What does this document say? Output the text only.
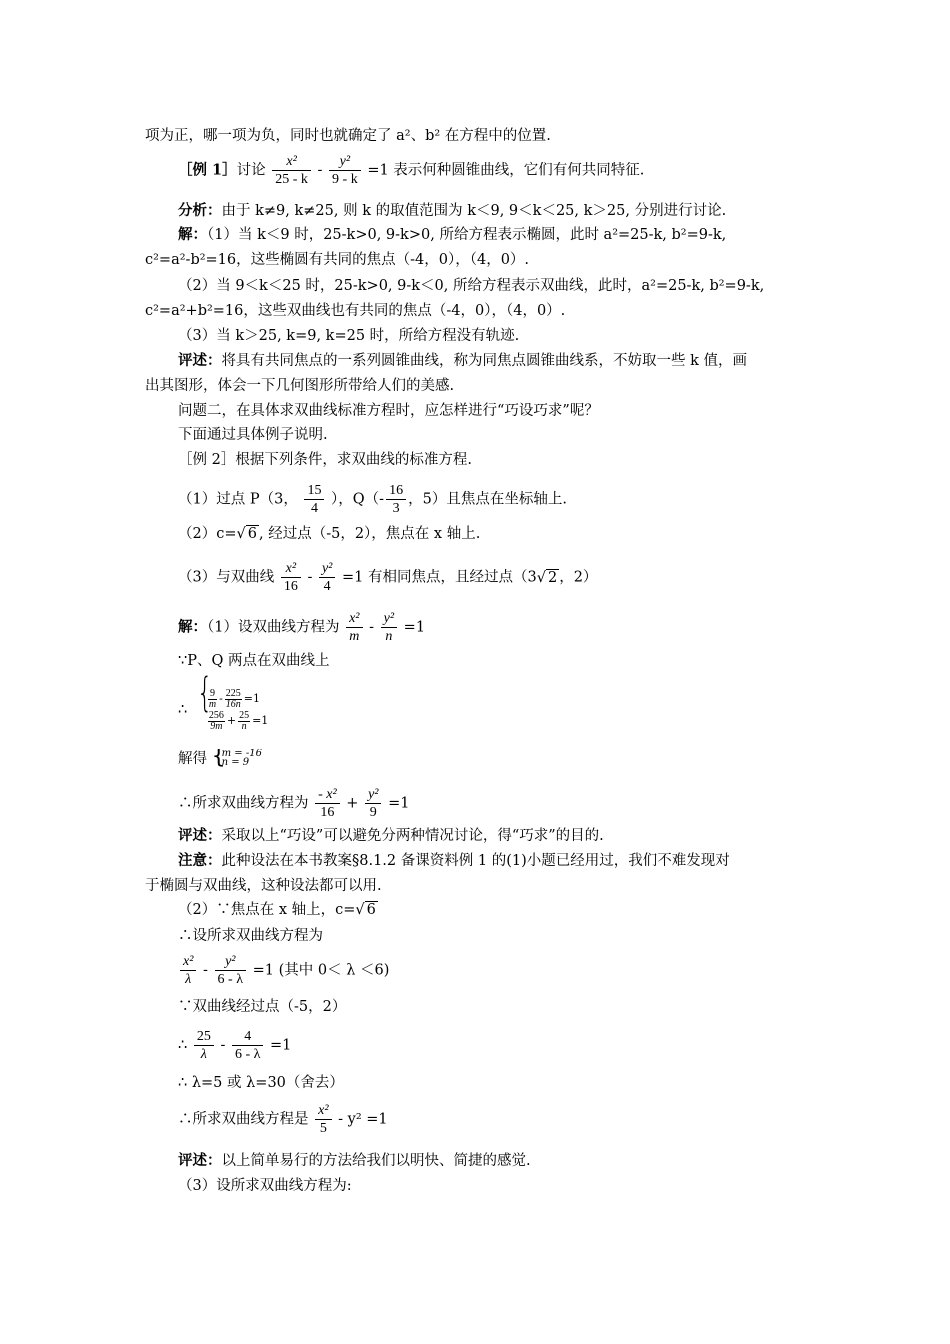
项为正，哪一项为负，同时也就确定了 a²、b² 在方程中的位置.
［例 1］讨论 $\frac{\text{x²}}{25 - k} - \frac{\text{y²}}{9 - k} =1$ 表示何种圆锥曲线，它们有何共同特征.
分析：由于 k≠9, k≠25, 则 k 的取值范围为 k＜9, 9＜k＜25, k＞25, 分别进行讨论.
解：（1）当 k＜9 时，25-k>0, 9-k>0, 所给方程表示椭圆，此时 a²=25-k, b²=9-k,
c²=a²-b²=16，这些椭圆有共同的焦点（-4，0），（4，0）.
（2）当 9＜k＜25 时，25-k>0, 9-k＜0, 所给方程表示双曲线，此时，a²=25-k, b²=9-k,
c²=a²+b²=16，这些双曲线也有共同的焦点（-4，0），（4，0）.
（3）当 k＞25, k=9, k=25 时，所给方程没有轨迹.
评述：将具有共同焦点的一系列圆锥曲线，称为同焦点圆锥曲线系，不妨取一些 k 值，画
出其图形，体会一下几何图形所带给人们的美感.
问题二，在具体求双曲线标准方程时，应怎样进行“巧设巧求”呢？
下面通过具体例子说明.
［例 2］根据下列条件，求双曲线的标准方程.
（1）过点 P（3， $\frac{15}{4}$ ），$Q(- \frac{16}{3}$ ，5）且焦点在坐标轴上.
（2）c=√ 6 , 经过点（-5，2），焦点在 x 轴上.
（3）与双曲线 $\frac{\text{x²}}{16} - \frac{\text{y²}}{4} =1$ 有相同焦点，且经过点（3√ 2 ，2）
解：（1）设双曲线方程为 $\frac{\text{x²}}{m} - \frac{\text{y²}}{n} =1$
∵P、Q 两点在双曲线上
∴
{ $\frac{9}{m} - \frac{225}{16n} =1$
$\frac{256}{9m} + \frac{25}{n} =1$
解得
{ m = -16
n = 9
∴所求双曲线方程为 $\frac{\text{- x²}}{16} + \frac{\text{y²}}{9} =1$
评述：采取以上“巧设”可以避免分两种情况讨论，得“巧求”的目的.
注意：此种设法在本书教案§8.1.2 备课资料例 1 的(1)小题已经用过，我们不难发现对
于椭圆与双曲线，这种设法都可以用.
（2）∵焦点在 x 轴上，c=√ 6
∴设所求双曲线方程为
$\frac{\text{x²}}{\lambda} - \frac{\text{y²}}{6 - \lambda} =1$ (其中 0＜ λ ＜6)
∵双曲线经过点（-5，2）
∴ $\frac{25}{\lambda} - \frac{4}{6 - \lambda} =1$
∴ λ=5 或 λ=30（舍去）
∴所求双曲线方程是 $\frac{\text{x²}}{5} - y^2 =1$
评述：以上简单易行的方法给我们以明快、简捷的感觉.
（3）设所求双曲线方程为:
